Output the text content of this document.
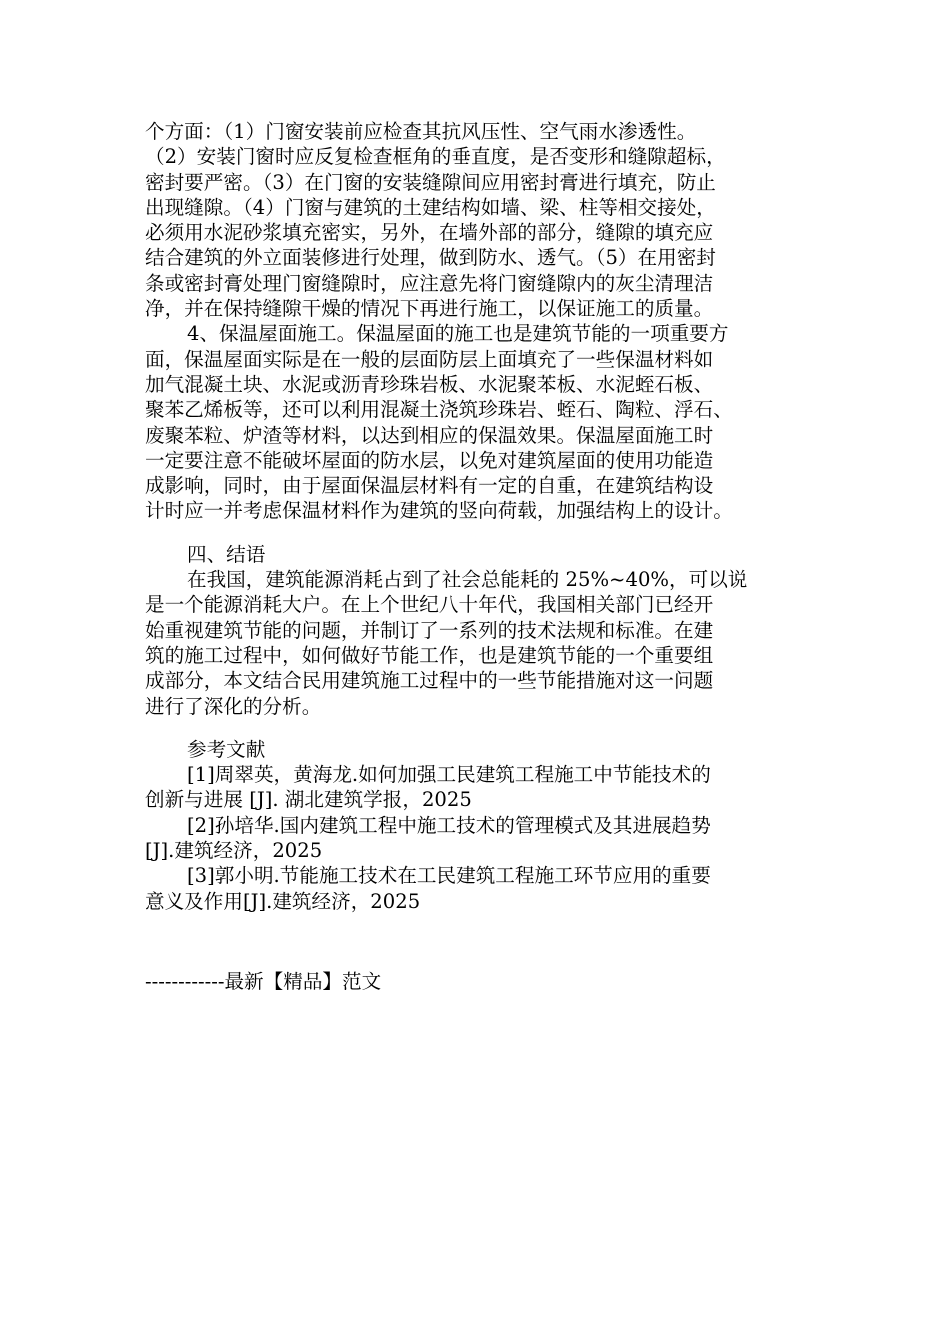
个方面：（1）门窗安装前应检查其抗风压性、空气雨水渗透性。
（2）安装门窗时应反复检查框角的垂直度，是否变形和缝隙超标，
密封要严密。（3）在门窗的安装缝隙间应用密封膏进行填充，防止
出现缝隙。（4）门窗与建筑的土建结构如墙、梁、柱等相交接处，
必须用水泥砂浆填充密实，另外，在墙外部的部分，缝隙的填充应
结合建筑的外立面装修进行处理，做到防水、透气。（5）在用密封
条或密封膏处理门窗缝隙时，应注意先将门窗缝隙内的灰尘清理洁
净，并在保持缝隙干燥的情况下再进行施工，以保证施工的质量。

4、保温屋面施工。保温屋面的施工也是建筑节能的一项重要方
面，保温屋面实际是在一般的层面防层上面填充了一些保温材料如
加气混凝土块、水泥或沥青珍珠岩板、水泥聚苯板、水泥蛭石板、
聚苯乙烯板等，还可以利用混凝土浇筑珍珠岩、蛭石、陶粒、浮石、
废聚苯粒、炉渣等材料，以达到相应的保温效果。保温屋面施工时
一定要注意不能破坏屋面的防水层，以免对建筑屋面的使用功能造
成影响，同时，由于屋面保温层材料有一定的自重，在建筑结构设
计时应一并考虑保温材料作为建筑的竖向荷载，加强结构上的设计。

四、结语

在我国，建筑能源消耗占到了社会总能耗的 25%~40%，可以说
是一个能源消耗大户。在上个世纪八十年代，我国相关部门已经开
始重视建筑节能的问题，并制订了一系列的技术法规和标准。在建
筑的施工过程中，如何做好节能工作，也是建筑节能的一个重要组
成部分，本文结合民用建筑施工过程中的一些节能措施对这一问题
进行了深化的分析。

参考文献

[1]周翠英，黄海龙.如何加强工民建筑工程施工中节能技术的
创新与进展 [J]. 湖北建筑学报，2025
[2]孙培华.国内建筑工程中施工技术的管理模式及其进展趋势
[J].建筑经济，2025
[3]郭小明.节能施工技术在工民建筑工程施工环节应用的重要
意义及作用[J].建筑经济，2025

------------最新【精品】范文
